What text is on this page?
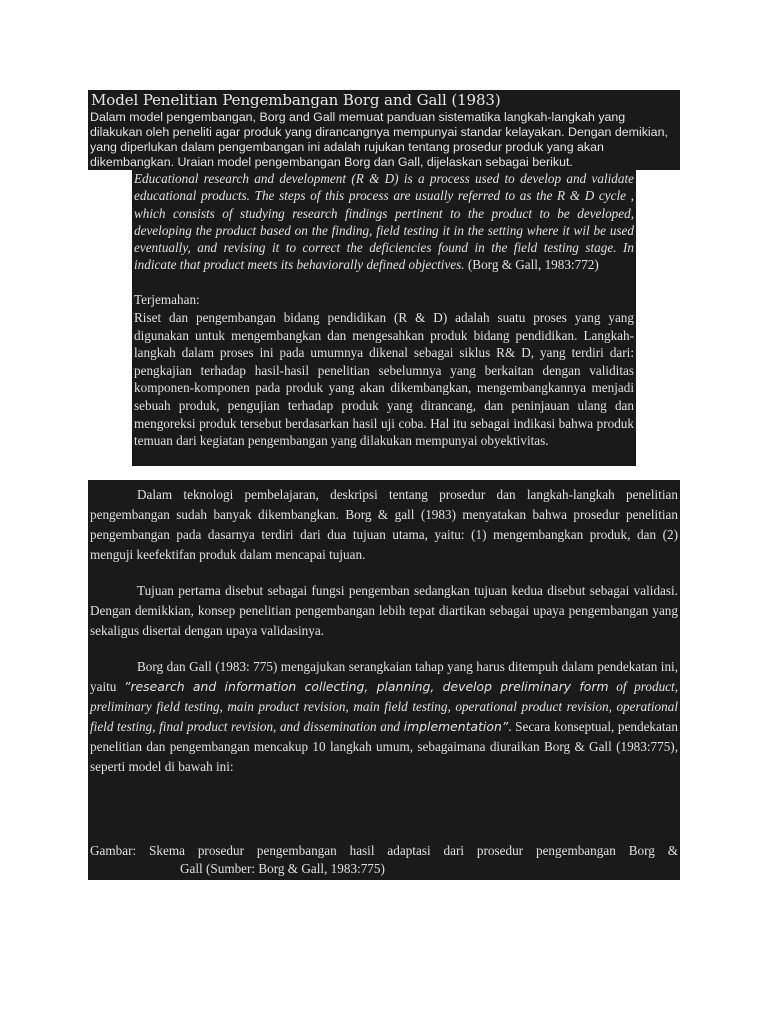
Model Penelitian Pengembangan Borg and Gall (1983)

Dalam model pengembangan, Borg and Gall memuat panduan sistematika langkah-langkah yang dilakukan oleh peneliti agar produk yang dirancangnya mempunyai standar kelayakan. Dengan demikian, yang diperlukan dalam pengembangan ini adalah rujukan tentang prosedur produk yang akan dikembangkan. Uraian model pengembangan Borg dan Gall, dijelaskan sebagai berikut.

Educational research and development (R & D) is a process used to develop and validate educational products. The steps of this process are usually referred to as the R & D cycle , which consists of studying research findings pertinent to the product to be developed, developing the product based on the finding, field testing it in the setting where it wil be used eventually, and revising it to correct the deficiencies found in the field testing stage. In indicate that product meets its behaviorally defined objectives. (Borg & Gall, 1983:772)

Terjemahan:

Riset dan pengembangan bidang pendidikan (R & D) adalah suatu proses yang yang digunakan untuk mengembangkan dan mengesahkan produk bidang pendidikan. Langkah-langkah dalam proses ini pada umumnya dikenal sebagai siklus R& D, yang terdiri dari: pengkajian terhadap hasil-hasil penelitian sebelumnya yang berkaitan dengan validitas komponen-komponen pada produk yang akan dikembangkan, mengembangkannya menjadi sebuah produk, pengujian terhadap produk yang dirancang, dan peninjauan ulang dan mengoreksi produk tersebut berdasarkan hasil uji coba. Hal itu sebagai indikasi bahwa produk temuan dari kegiatan pengembangan yang dilakukan mempunyai obyektivitas.

Dalam teknologi pembelajaran, deskripsi tentang prosedur dan langkah-langkah penelitian pengembangan sudah banyak dikembangkan. Borg & gall (1983) menyatakan bahwa prosedur penelitian pengembangan pada dasarnya terdiri dari dua tujuan utama, yaitu: (1) mengembangkan produk, dan (2) menguji keefektifan produk dalam mencapai tujuan.

Tujuan pertama disebut sebagai fungsi pengemban sedangkan tujuan kedua disebut sebagai validasi. Dengan demikkian, konsep penelitian pengembangan lebih tepat diartikan sebagai upaya pengembangan yang sekaligus disertai dengan upaya validasinya.

Borg dan Gall (1983: 775) mengajukan serangkaian tahap yang harus ditempuh dalam pendekatan ini, yaitu ”research and information collecting, planning, develop preliminary form of product, preliminary field testing, main product revision, main field testing, operational product revision, operational field testing, final product revision, and dissemination and implementation”. Secara konseptual, pendekatan penelitian dan pengembangan mencakup 10 langkah umum, sebagaimana diuraikan Borg & Gall (1983:775), seperti model di bawah ini:

Gambar: Skema prosedur pengembangan hasil adaptasi dari prosedur pengembangan Borg &
Gall (Sumber: Borg & Gall, 1983:775)
